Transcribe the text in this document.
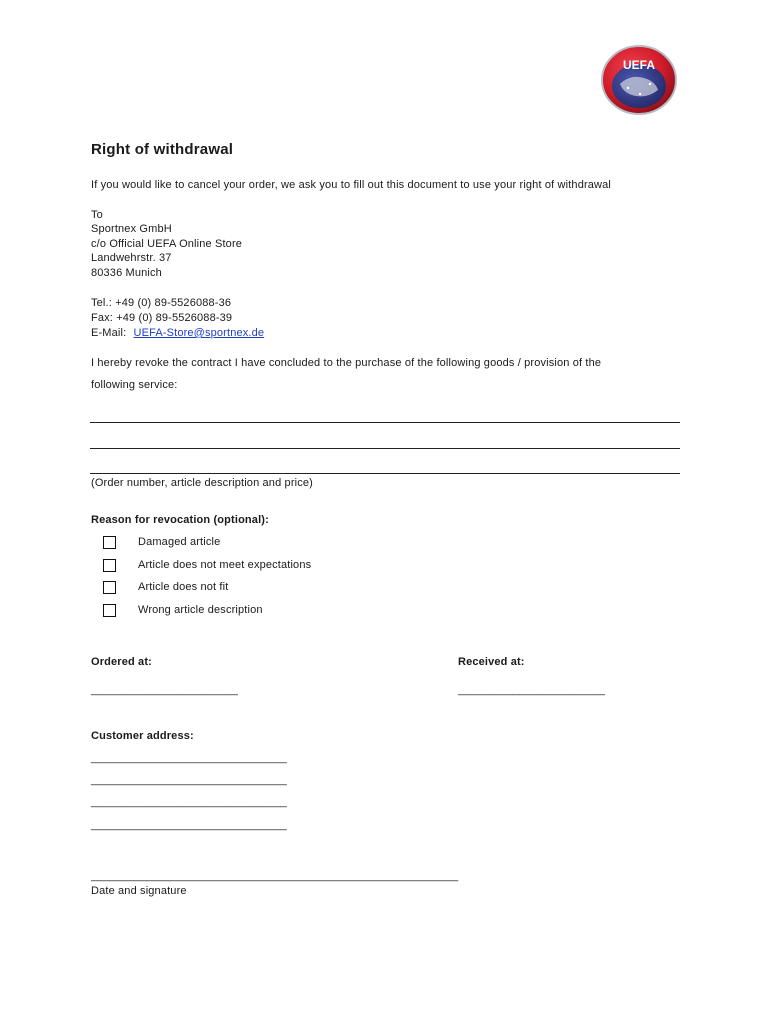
UEFA
Right of withdrawal
If you would like to cancel your order, we ask you to fill out this document to use your right of withdrawal
To
Sportnex GmbH
c/o Official UEFA Online Store
Landwehrstr. 37
80336 Munich
Tel.: +49 (0) 89-5526088-36
Fax: +49 (0) 89-5526088-39
E-Mail: UEFA-Store@sportnex.de
I hereby revoke the contract I have concluded to the purchase of the following goods / provision of the
following service:
(Order number, article description and price)
Reason for revocation (optional):
Damaged article
Article does not meet expectations
Article does not fit
Wrong article description
Ordered at:
________________________
Received at:
________________________
Customer address:
________________________________
________________________________
________________________________
________________________________
____________________________________________________________
Date and signature
